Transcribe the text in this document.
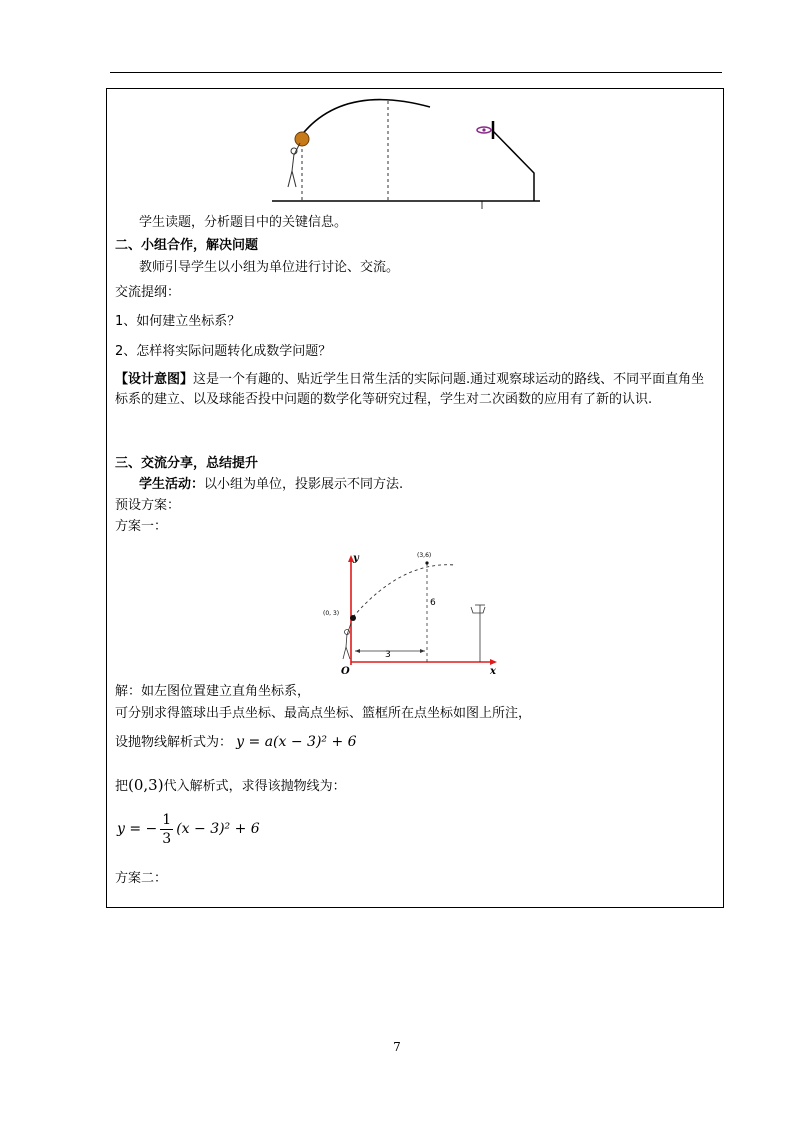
学生读题，分析题目中的关键信息。
二、小组合作，解决问题
教师引导学生以小组为单位进行讨论、交流。
交流提纲：
1、如何建立坐标系？
2、怎样将实际问题转化成数学问题？
【设计意图】这是一个有趣的、贴近学生日常生活的实际问题.通过观察球运动的路线、不同平面直角坐标系的建立、以及球能否投中问题的数学化等研究过程，学生对二次函数的应用有了新的认识.
三、交流分享，总结提升
学生活动：以小组为单位，投影展示不同方法.
预设方案：
方案一：
y
x
O
(3,6)
(0, 3)
6
3
解：如左图位置建立直角坐标系，
可分别求得篮球出手点坐标、最高点坐标、篮框所在点坐标如图上所注，
设抛物线解析式为： y = a(x − 3)² + 6
把(0,3)代入解析式，求得该抛物线为：
y = − $\frac{1}{3} (x - 3)^2 + 6$
方案二：
7
